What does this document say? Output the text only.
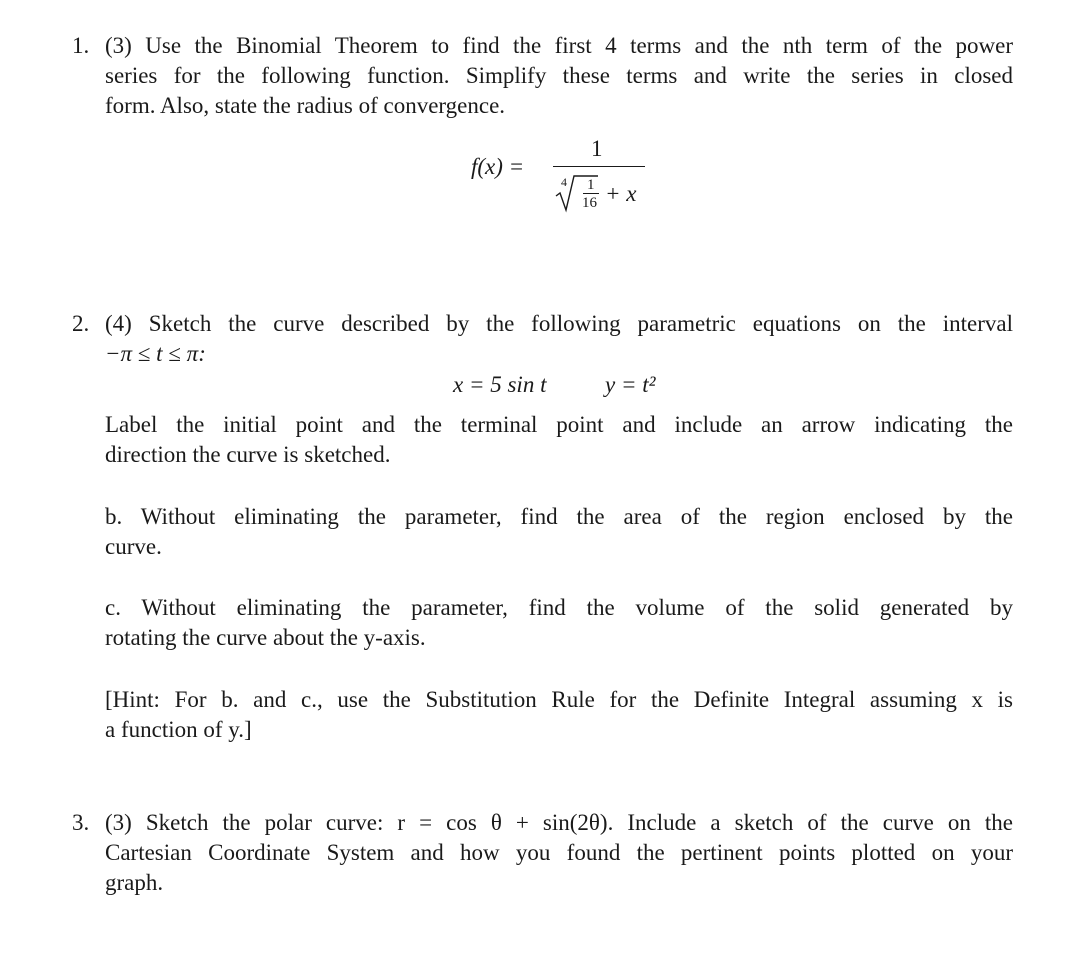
1. (3) Use the Binomial Theorem to find the first 4 terms and the nth term of the power
series for the following function. Simplify these terms and write the series in closed
form. Also, state the radius of convergence.
f(x) =
1
4 1
16 + x
2. (4) Sketch the curve described by the following parametric equations on the interval
−π ≤ t ≤ π:
x = 5 sin t	y = t²
Label the initial point and the terminal point and include an arrow indicating the
direction the curve is sketched.
b. Without eliminating the parameter, find the area of the region enclosed by the
curve.
c. Without eliminating the parameter, find the volume of the solid generated by
rotating the curve about the y-axis.
[Hint: For b. and c., use the Substitution Rule for the Definite Integral assuming x is
a function of y.]
3. (3) Sketch the polar curve: r = cos θ + sin(2θ). Include a sketch of the curve on the
Cartesian Coordinate System and how you found the pertinent points plotted on your
graph.
